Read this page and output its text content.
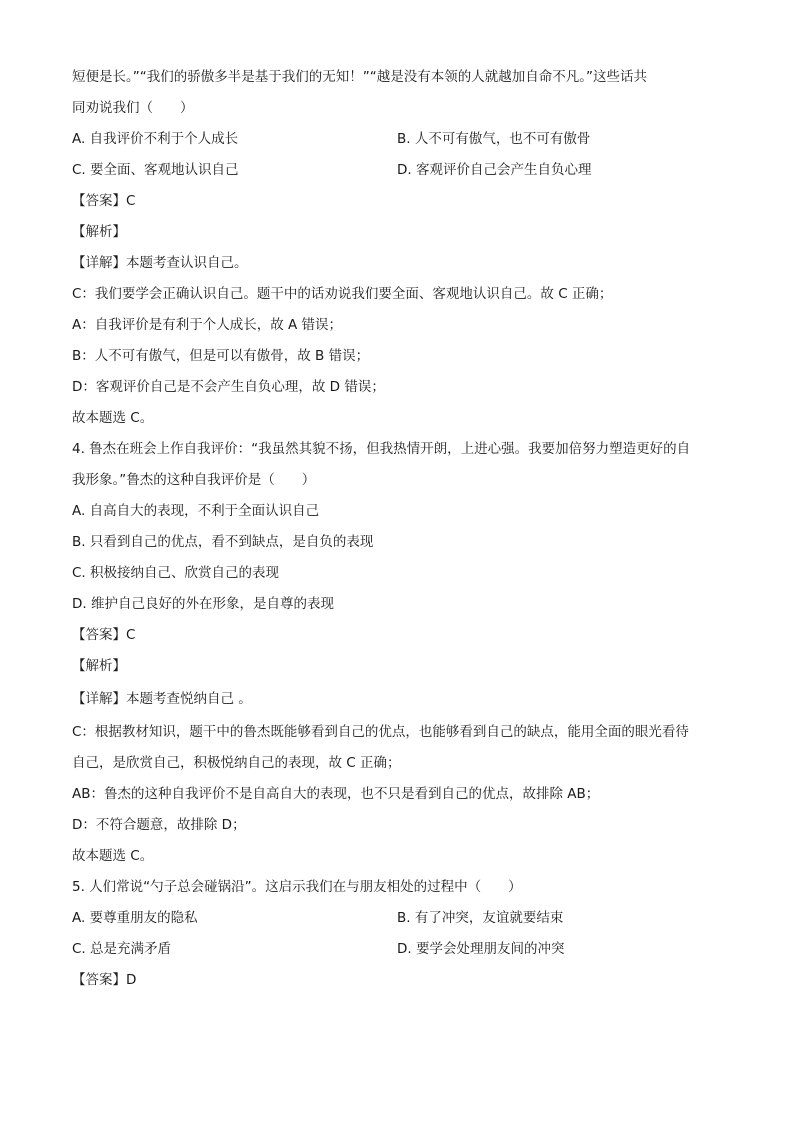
短便是长。”“我们的骄傲多半是基于我们的无知！”“越是没有本领的人就越加自命不凡。”这些话共
同劝说我们（　　）
A. 自我评价不利于个人成长	B. 人不可有傲气，也不可有傲骨
C. 要全面、客观地认识自己	D. 客观评价自己会产生自负心理
【答案】C
【解析】
【详解】本题考查认识自己。
C：我们要学会正确认识自己。题干中的话劝说我们要全面、客观地认识自己。故 C 正确；
A：自我评价是有利于个人成长，故 A 错误；
B：人不可有傲气，但是可以有傲骨，故 B 错误；
D：客观评价自己是不会产生自负心理，故 D 错误；
故本题选 C。
4. 鲁杰在班会上作自我评价：“我虽然其貌不扬，但我热情开朗，上进心强。我要加倍努力塑造更好的自
我形象。”鲁杰的这种自我评价是（　　）
A. 自高自大的表现，不利于全面认识自己
B. 只看到自己的优点，看不到缺点，是自负的表现
C. 积极接纳自己、欣赏自己的表现
D. 维护自己良好的外在形象，是自尊的表现
【答案】C
【解析】
【详解】本题考查悦纳自己 。
C：根据教材知识，题干中的鲁杰既能够看到自己的优点，也能够看到自己的缺点，能用全面的眼光看待
自己，是欣赏自己，积极悦纳自己的表现，故 C 正确；
AB：鲁杰的这种自我评价不是自高自大的表现，也不只是看到自己的优点，故排除 AB；
D：不符合题意，故排除 D；
故本题选 C。
5. 人们常说“勺子总会碰锅沿”。这启示我们在与朋友相处的过程中（　　）
A. 要尊重朋友的隐私	B. 有了冲突，友谊就要结束
C. 总是充满矛盾	D. 要学会处理朋友间的冲突
【答案】D
